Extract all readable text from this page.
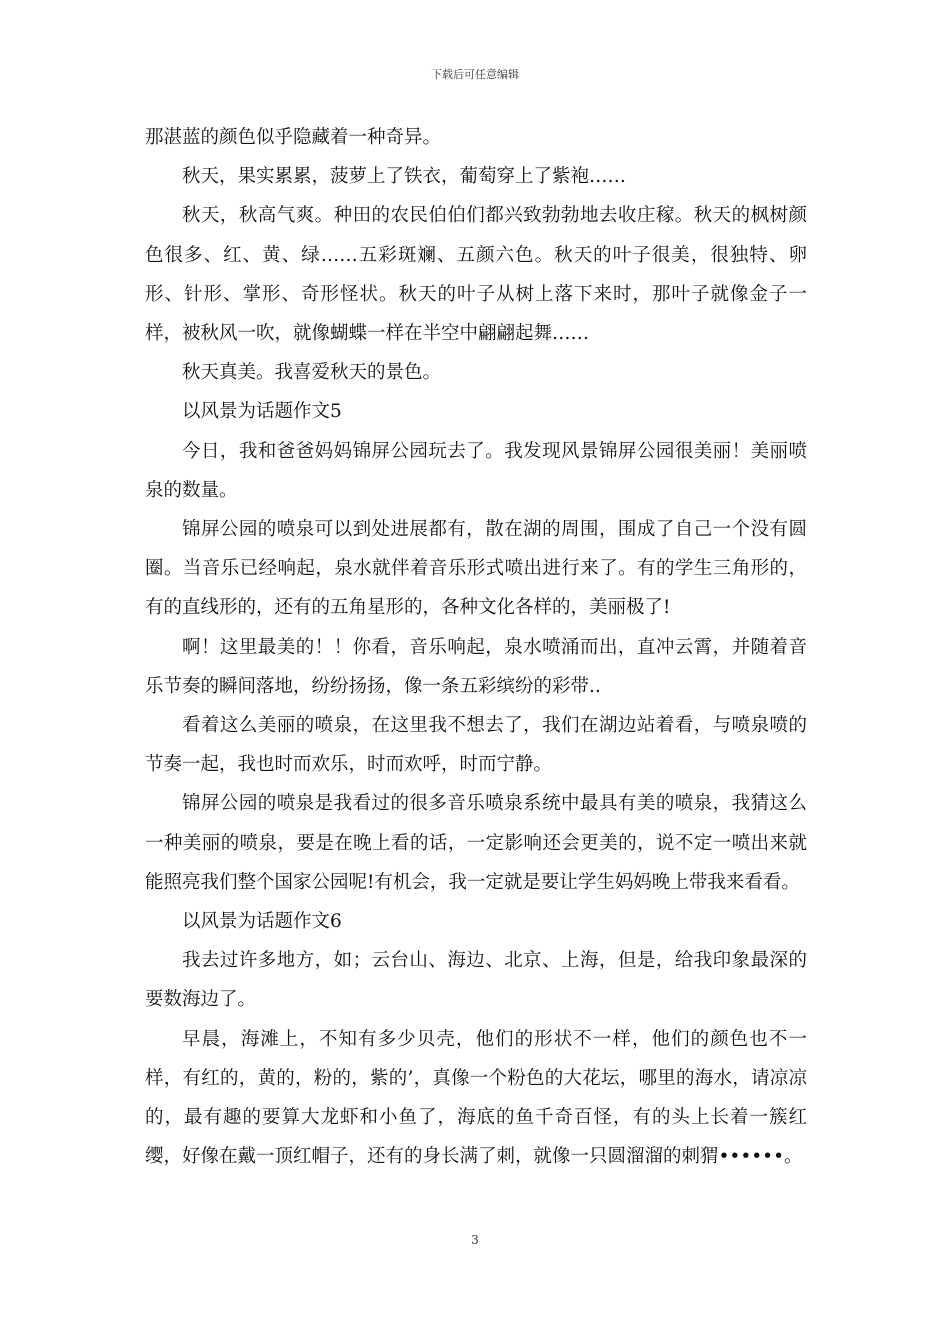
下载后可任意编辑

那湛蓝的颜色似乎隐藏着一种奇异。

秋天，果实累累，菠萝上了铁衣，葡萄穿上了紫袍……

秋天，秋高气爽。种田的农民伯伯们都兴致勃勃地去收庄稼。秋天的枫树颜色很多、红、黄、绿……五彩斑斓、五颜六色。秋天的叶子很美，很独特、卵形、针形、掌形、奇形怪状。秋天的叶子从树上落下来时，那叶子就像金子一样，被秋风一吹，就像蝴蝶一样在半空中翩翩起舞……

秋天真美。我喜爱秋天的景色。

以风景为话题作文5

今日，我和爸爸妈妈锦屏公园玩去了。我发现风景锦屏公园很美丽！美丽喷泉的数量。

锦屏公园的喷泉可以到处进展都有，散在湖的周围，围成了自己一个没有圆圈。当音乐已经响起，泉水就伴着音乐形式喷出进行来了。有的学生三角形的，有的直线形的，还有的五角星形的，各种文化各样的，美丽极了!

啊！这里最美的！！你看，音乐响起，泉水喷涌而出，直冲云霄，并随着音乐节奏的瞬间落地，纷纷扬扬，像一条五彩缤纷的彩带..

看着这么美丽的喷泉，在这里我不想去了，我们在湖边站着看，与喷泉喷的节奏一起，我也时而欢乐，时而欢呼，时而宁静。

锦屏公园的喷泉是我看过的很多音乐喷泉系统中最具有美的喷泉，我猜这么一种美丽的喷泉，要是在晚上看的话，一定影响还会更美的，说不定一喷出来就能照亮我们整个国家公园呢!有机会，我一定就是要让学生妈妈晚上带我来看看。

以风景为话题作文6

我去过许多地方，如；云台山、海边、北京、上海，但是，给我印象最深的要数海边了。

早晨，海滩上，不知有多少贝壳，他们的形状不一样，他们的颜色也不一样，有红的，黄的，粉的，紫的’，真像一个粉色的大花坛，哪里的海水，请凉凉的，最有趣的要算大龙虾和小鱼了，海底的鱼千奇百怪，有的头上长着一簇红缨，好像在戴一顶红帽子，还有的身长满了刺，就像一只圆溜溜的刺猬••••••。

3
